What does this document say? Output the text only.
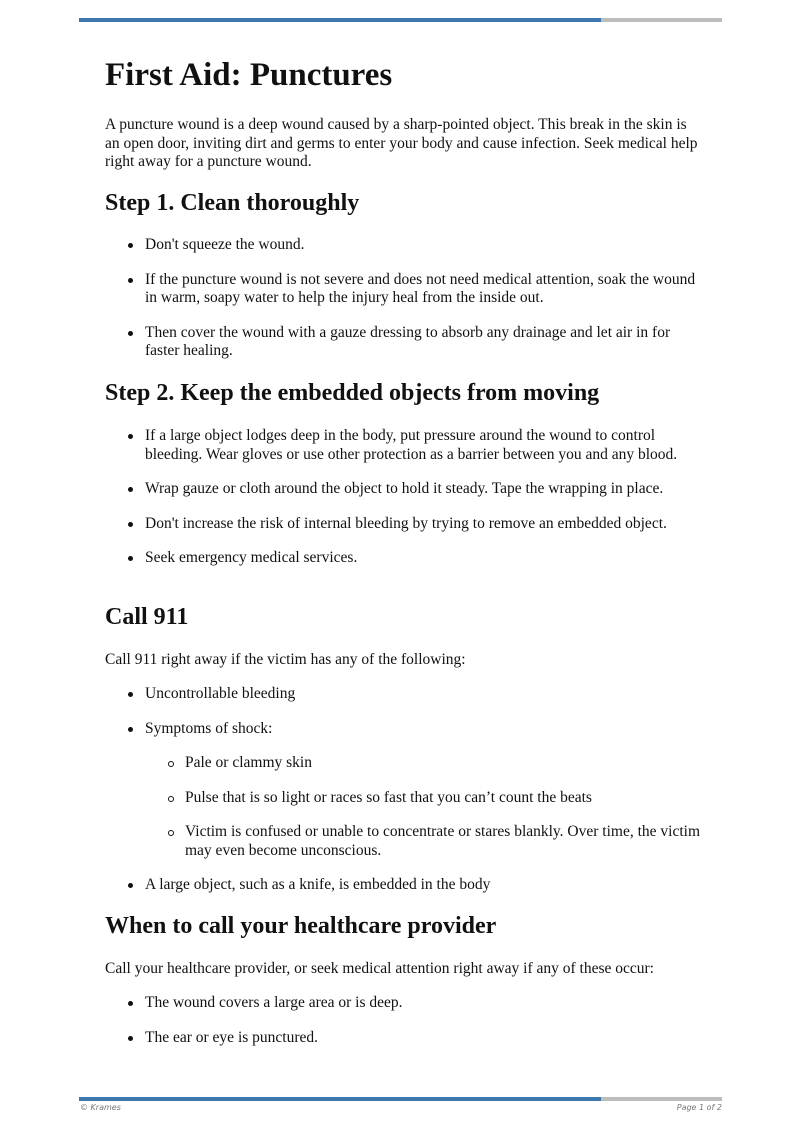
First Aid: Punctures

A puncture wound is a deep wound caused by a sharp-pointed object. This break in the skin is an open door, inviting dirt and germs to enter your body and cause infection. Seek medical help right away for a puncture wound.

Step 1. Clean thoroughly
Don't squeeze the wound.
If the puncture wound is not severe and does not need medical attention, soak the wound in warm, soapy water to help the injury heal from the inside out.
Then cover the wound with a gauze dressing to absorb any drainage and let air in for faster healing.
Step 2. Keep the embedded objects from moving
If a large object lodges deep in the body, put pressure around the wound to control bleeding. Wear gloves or use other protection as a barrier between you and any blood.
Wrap gauze or cloth around the object to hold it steady. Tape the wrapping in place.
Don't increase the risk of internal bleeding by trying to remove an embedded object.
Seek emergency medical services.
Call 911

Call 911 right away if the victim has any of the following:

Uncontrollable bleeding
Symptoms of shock:
Pale or clammy skin
Pulse that is so light or races so fast that you can’t count the beats
Victim is confused or unable to concentrate or stares blankly. Over time, the victim may even become unconscious.
A large object, such as a knife, is embedded in the body
When to call your healthcare provider

Call your healthcare provider, or seek medical attention right away if any of these occur:

The wound covers a large area or is deep.
The ear or eye is punctured.
© Krames	Page 1 of 2
